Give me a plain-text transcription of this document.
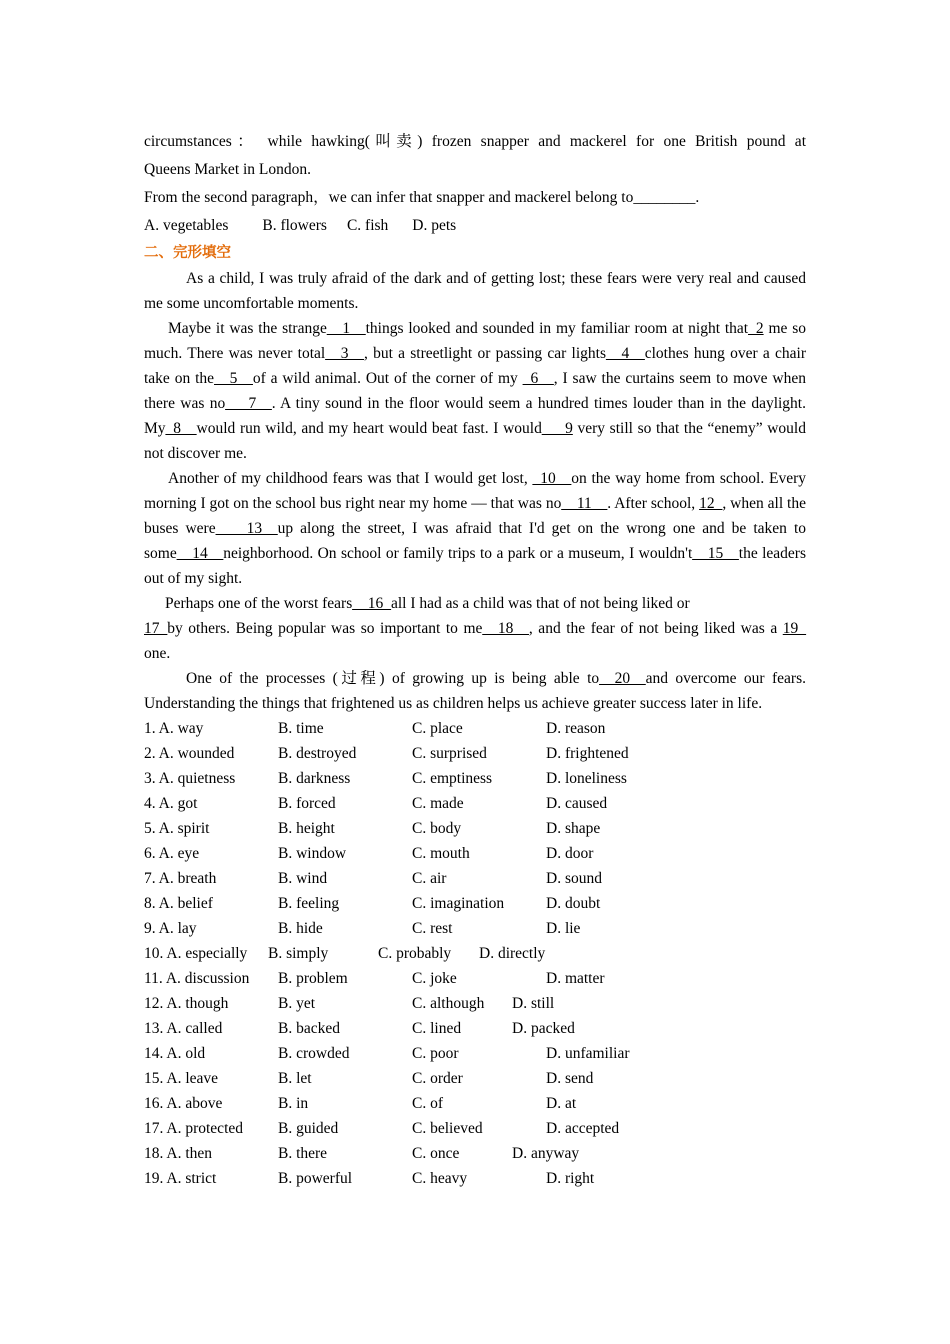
circumstances： while hawking(叫卖) frozen snapper and mackerel for one British pound at
Queens Market in London.
From the second paragraph，we can infer that snapper and mackerel belong to________.
A. vegetables B. flowers C. fish D. pets
二、完形填空
As a child, I was truly afraid of the dark and of getting lost; these fears were very real and caused me some uncomfortable moments.
Maybe it was the strange__1__things looked and sounded in my familiar room at night that_2 me so much. There was never total__3__, but a streetlight or passing car lights__4__clothes hung over a chair take on the__5__of a wild animal. Out of the corner of my _6__, I saw the curtains seem to move when there was no___7__. A tiny sound in the floor would seem a hundred times louder than in the daylight. My_8__would run wild, and my heart would beat fast. I would___9 very still so that the “enemy” would not discover me.
Another of my childhood fears was that I would get lost, _10__on the way home from school. Every morning I got on the school bus right near my home — that was no__11__. After school, 12_, when all the buses were____13__up along the street, I was afraid that I'd get on the wrong one and be taken to some__14__neighborhood. On school or family trips to a park or a museum, I wouldn't__15__the leaders out of my sight.
Perhaps one of the worst fears__16_all I had as a child was that of not being liked or
17_by others. Being popular was so important to me__18__, and the fear of not being liked was a 19_ one.
One of the processes (过程) of growing up is being able to__20__and overcome our fears. Understanding the things that frightened us as children helps us achieve greater success later in life.
1. A. way	B. time	C. place	D. reason
2. A. wounded	B. destroyed	C. surprised	D. frightened
3. A. quietness	B. darkness	C. emptiness	D. loneliness
4. A. got	B. forced	C. made	D. caused
5. A. spirit	B. height	C. body	D. shape
6. A. eye	B. window	C. mouth	D. door
7. A. breath	B. wind	C. air	D. sound
8. A. belief	B. feeling	C. imagination	D. doubt
9. A. lay	B. hide	C. rest	D. lie
10. A. especially B. simply	C. probably D. directly
11. A. discussion B. problem	C. joke	D. matter
12. A. though	B. yet	C. although D. still
13. A. called	B. backed	C. lined	D. packed
14. A. old	B. crowded	C. poor	D. unfamiliar
15. A. leave	B. let	C. order	D. send
16. A. above	B. in	C. of	D. at
17. A. protected B. guided	C. believed	D. accepted
18. A. then	B. there	C. once	D. anyway
19. A. strict	B. powerful	C. heavy	D. right
